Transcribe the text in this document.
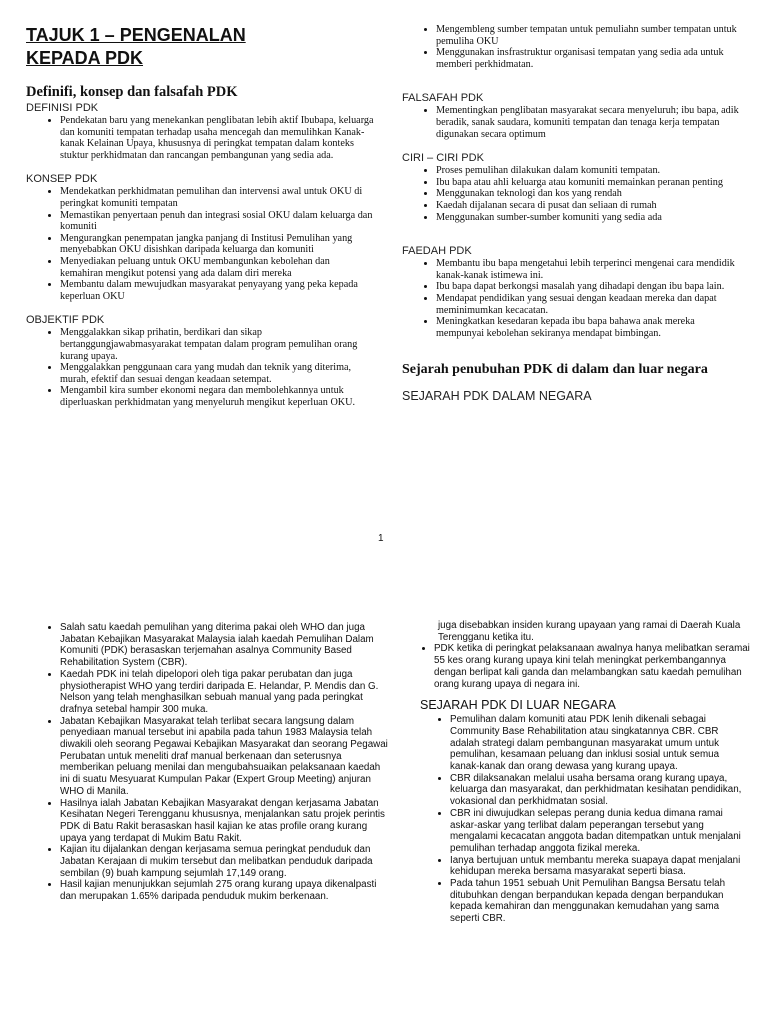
TAJUK 1 – PENGENALAN
KEPADA PDK
Definifi, konsep dan falsafah PDK
DEFINISI PDK
• Pendekatan baru yang menekankan penglibatan lebih aktif Ibubapa, keluarga dan komuniti tempatan terhadap usaha mencegah dan memulihkan Kanak- kanak Kelainan Upaya, khususnya di peringkat tempatan dalam konteks stuktur perkhidmatan dan rancangan pembangunan yang sedia ada.
KONSEP PDK
• Mendekatkan perkhidmatan pemulihan dan intervensi awal untuk OKU di peringkat komuniti tempatan
• Memastikan penyertaan penuh dan integrasi sosial OKU dalam keluarga dan komuniti
• Mengurangkan penempatan jangka panjang di Institusi Pemulihan yang menyebabkan OKU disishkan daripada keluarga dan komuniti
• Menyediakan peluang untuk OKU membangunkan kebolehan dan kemahiran mengikut potensi yang ada dalam diri mereka
• Membantu dalam mewujudkan masyarakat penyayang yang peka kepada keperluan OKU
OBJEKTIF PDK
• Menggalakkan sikap prihatin, berdikari dan sikap bertanggungjawabmasyarakat tempatan dalam program pemulihan orang kurang upaya.
• Menggalakkan penggunaan cara yang mudah dan teknik yang diterima, murah, efektif dan sesuai dengan keadaan setempat.
• Mengambil kira sumber ekonomi negara dan membolehkannya untuk diperluaskan perkhidmatan yang menyeluruh mengikut keperluan OKU.
• Mengembleng sumber tempatan untuk pemuliahn sumber tempatan untuk pemuliha OKU
• Menggunakan insfrastruktur organisasi tempatan yang sedia ada untuk memberi perkhidmatan.
FALSAFAH PDK
• Mementingkan penglibatan masyarakat secara menyeluruh; ibu bapa, adik beradik, sanak saudara, komuniti tempatan dan tenaga kerja tempatan digunakan secara optimum
CIRI – CIRI PDK
• Proses pemulihan dilakukan dalam komuniti tempatan.
• Ibu bapa atau ahli keluarga atau komuniti memainkan peranan penting
• Menggunakan teknologi dan kos yang rendah
• Kaedah dijalanan secara di pusat dan seliaan di rumah
• Menggunakan sumber-sumber komuniti yang sedia ada
FAEDAH PDK
• Membantu ibu bapa mengetahui lebih terperinci mengenai cara mendidik kanak-kanak istimewa ini.
• Ibu bapa dapat berkongsi masalah yang dihadapi dengan ibu bapa lain.
• Mendapat pendidikan yang sesuai dengan keadaan mereka dan dapat meminimumkan kecacatan.
• Meningkatkan kesedaran kepada ibu bapa bahawa anak mereka mempunyai kebolehan sekiranya mendapat bimbingan.
Sejarah penubuhan PDK di dalam dan luar negara
SEJARAH PDK DALAM NEGARA
1
• Salah satu kaedah pemulihan yang diterima pakai oleh WHO dan juga Jabatan Kebajikan Masyarakat Malaysia ialah kaedah Pemulihan Dalam Komuniti (PDK) berasaskan terjemahan asalnya Community Based Rehabilitation System (CBR).
• Kaedah PDK ini telah dipelopori oleh tiga pakar perubatan dan juga physiotherapist WHO yang terdiri daripada E. Helandar, P. Mendis dan G. Nelson yang telah menghasilkan sebuah manual yang pada peringkat drafnya setebal hampir 300 muka.
• Jabatan Kebajikan Masyarakat telah terlibat secara langsung dalam penyediaan manual tersebut ini apabila pada tahun 1983 Malaysia telah diwakili oleh seorang Pegawai Kebajikan Masyarakat dan seorang Pegawai Perubatan untuk meneliti draf manual berkenaan dan seterusnya memberikan peluang menilai dan mengubahsuaikan pelaksanaan kaedah ini di suatu Mesyuarat Kumpulan Pakar (Expert Group Meeting) anjuran WHO di Manila.
• Hasilnya ialah Jabatan Kebajikan Masyarakat dengan kerjasama Jabatan Kesihatan Negeri Terengganu khususnya, menjalankan satu projek perintis PDK di Batu Rakit berasaskan hasil kajian ke atas profile orang kurang upaya yang terdapat di Mukim Batu Rakit.
• Kajian itu dijalankan dengan kerjasama semua peringkat penduduk dan Jabatan Kerajaan di mukim tersebut dan melibatkan penduduk daripada sembilan (9) buah kampung sejumlah 17,149 orang.
• Hasil kajian menunjukkan sejumlah 275 orang kurang upaya dikenalpasti dan merupakan 1.65% daripada penduduk mukim berkenaan.

juga disebabkan insiden kurang upayaan yang ramai di Daerah Kuala Terengganu ketika itu.

• PDK ketika di peringkat pelaksanaan awalnya hanya melibatkan seramai 55 kes orang kurang upaya kini telah meningkat perkembangannya dengan berlipat kali ganda dan melambangkan satu kaedah pemulihan orang kurang upaya di negara ini.
SEJARAH PDK DI LUAR NEGARA
• Pemulihan dalam komuniti atau PDK lenih dikenali sebagai Community Base Rehabilitation atau singkatannya CBR. CBR adalah strategi dalam pembangunan masyarakat umum untuk pemulihan, kesamaan peluang dan inklusi sosial untuk semua kanak-kanak dan orang dewasa yang kurang upaya.
• CBR dilaksanakan melalui usaha bersama orang kurang upaya, keluarga dan masyarakat, dan perkhidmatan kesihatan pendidikan, vokasional dan perkhidmatan sosial.
• CBR ini diwujudkan selepas perang dunia kedua dimana ramai askar-askar yang terlibat dalam peperangan tersebut yang mengalami kecacatan anggota badan ditempatkan untuk menjalani pemulihan terhadap anggota fizikal mereka.
• Ianya bertujuan untuk membantu mereka suapaya dapat menjalani kehidupan mereka bersama masyarakat seperti biasa.
• Pada tahun 1951 sebuah Unit Pemulihan Bangsa Bersatu telah ditubuhkan dengan berpandukan kepada dengan berpandukan kepada kemahiran dan menggunakan kemudahan yang sama seperti CBR.
